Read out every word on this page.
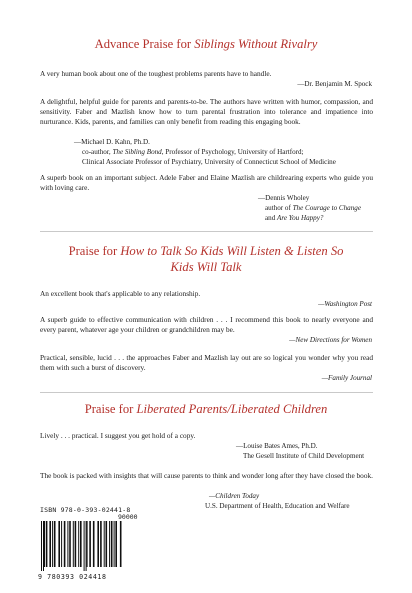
Advance Praise for Siblings Without Rivalry

A very human book about one of the toughest problems parents have to handle.

—Dr. Benjamin M. Spock

A delightful, helpful guide for parents and parents-to-be. The authors have written with humor, compassion, and sensitivity. Faber and Mazlish know how to turn parental frustration into tolerance and impatience into nurturance. Kids, parents, and families can only benefit from reading this engaging book.

—Michael D. Kahn, Ph.D.
co-author, The Sibling Bond, Professor of Psychology, University of Hartford;
Clinical Associate Professor of Psychiatry, University of Connecticut School of Medicine

A superb book on an important subject. Adele Faber and Elaine Mazlish are childrearing experts who guide you with loving care.

—Dennis Wholey
author of The Courage to Change
and Are You Happy?
Praise for How to Talk So Kids Will Listen & Listen So
Kids Will Talk

An excellent book that's applicable to any relationship.

—Washington Post

A superb guide to effective communication with children . . . I recommend this book to nearly everyone and every parent, whatever age your children or grandchildren may be.

—New Directions for Women

Practical, sensible, lucid . . . the approaches Faber and Mazlish lay out are so logical you wonder why you read them with such a burst of discovery.

—Family Journal
Praise for Liberated Parents/Liberated Children

Lively . . . practical. I suggest you get hold of a copy.

—Louise Bates Ames, Ph.D.
The Gesell Institute of Child Development

The book is packed with insights that will cause parents to think and wonder long after they have closed the book.

—Children Today
U.S. Department of Health, Education and Welfare
ISBN 978-0-393-02441-8
90000
9 780393 024418
